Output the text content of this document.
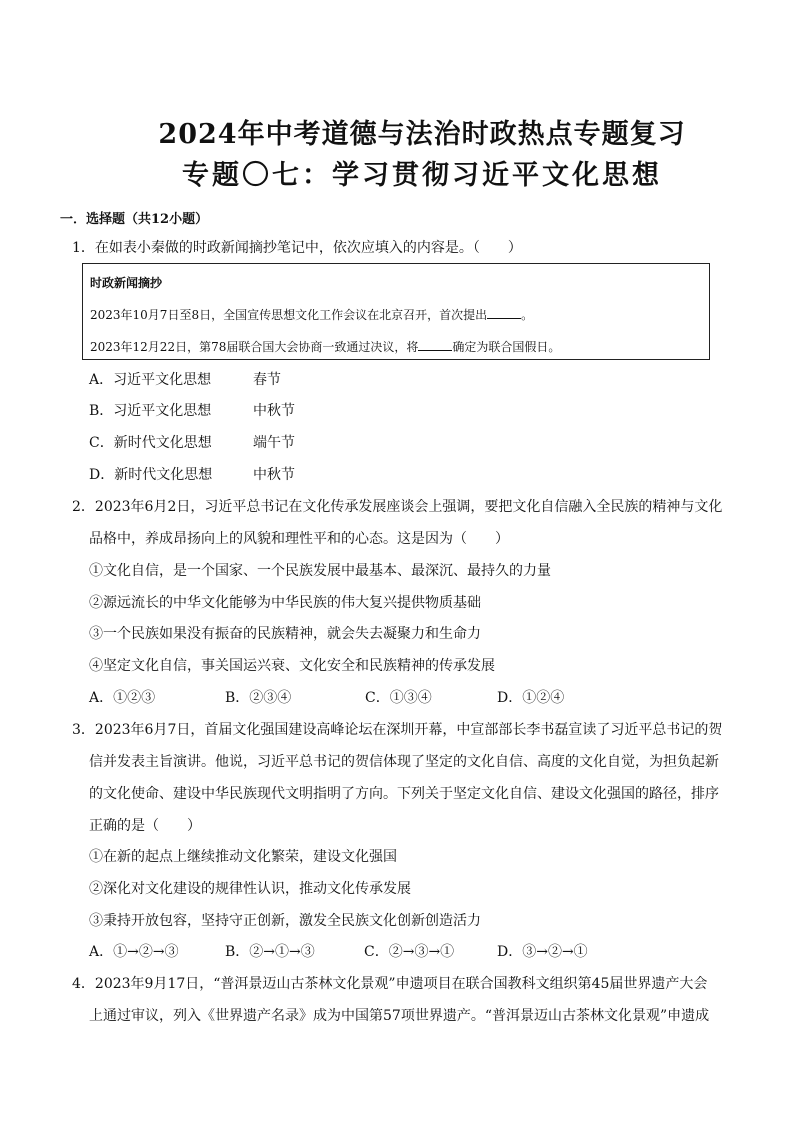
2024年中考道德与法治时政热点专题复习
专题〇七：学习贯彻习近平文化思想
一．选择题（共12小题）
1．在如表小秦做的时政新闻摘抄笔记中，依次应填入的内容是。（　　）
时政新闻摘抄
2023年10月7日至8日，全国宣传思想文化工作会议在北京召开，首次提出	。
2023年12月22日，第78届联合国大会协商一致通过决议，将	确定为联合国假日。
A．习近平文化思想	春节
B．习近平文化思想	中秋节
C．新时代文化思想	端午节
D．新时代文化思想	中秋节
2．2023年6月2日，习近平总书记在文化传承发展座谈会上强调，要把文化自信融入全民族的精神与文化
品格中，养成昂扬向上的风貌和理性平和的心态。这是因为（　　）
①文化自信，是一个国家、一个民族发展中最基本、最深沉、最持久的力量
②源远流长的中华文化能够为中华民族的伟大复兴提供物质基础
③一个民族如果没有振奋的民族精神，就会失去凝聚力和生命力
④坚定文化自信，事关国运兴衰、文化安全和民族精神的传承发展
A．①②③	B．②③④	C．①③④	D．①②④
3．2023年6月7日，首届文化强国建设高峰论坛在深圳开幕，中宣部部长李书磊宣读了习近平总书记的贺
信并发表主旨演讲。他说，习近平总书记的贺信体现了坚定的文化自信、高度的文化自觉，为担负起新
的文化使命、建设中华民族现代文明指明了方向。下列关于坚定文化自信、建设文化强国的路径，排序
正确的是（　　）
①在新的起点上继续推动文化繁荣，建设文化强国
②深化对文化建设的规律性认识，推动文化传承发展
③秉持开放包容，坚持守正创新，激发全民族文化创新创造活力
A．①→②→③	B．②→①→③	C．②→③→①	D．③→②→①
4．2023年9月17日，“普洱景迈山古茶林文化景观”申遗项目在联合国教科文组织第45届世界遗产大会
上通过审议，列入《世界遗产名录》成为中国第57项世界遗产。“普洱景迈山古茶林文化景观”申遗成
